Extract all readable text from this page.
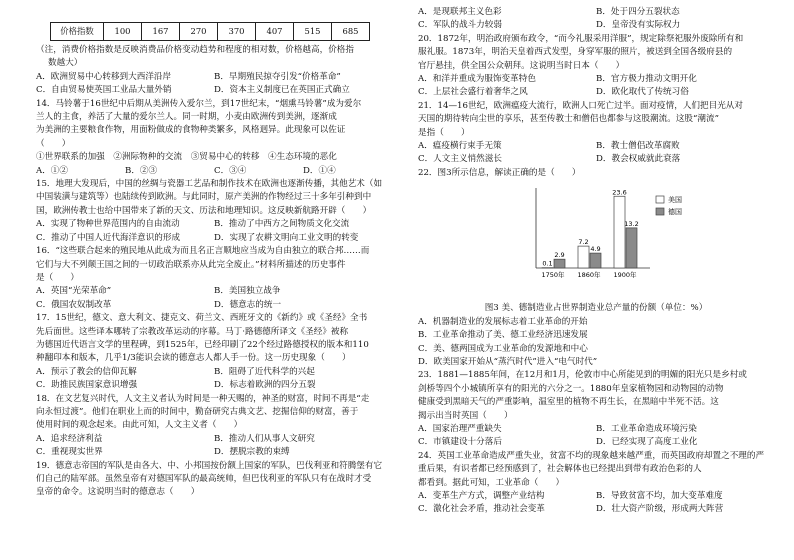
价格指数	100	167	270	370	407	515	685

（注，消费价格指数是反映消费品价格变动趋势和程度的相对数，价格越高，价格指

数越大）

A．欧洲贸易中心转移到大西洋沿岸	B．早期殖民掠夺引发“价格革命”
C．自由贸易使英国工业品大量外销	D．资本主义制度已在英国正式确立

14．马铃薯于16世纪中后期从美洲传入爱尔兰，到17世纪末，“烟熏马铃薯”成为爱尔

兰人的主食，养活了大量的爱尔兰人。同一时期，小麦由欧洲传到美洲，逐渐成

为美洲的主要粮食作物，用面粉做成的食物种类繁多，风格迥异。此现象可以佐证

（　　）

①世界联系的加强　②洲际物种的交流　③贸易中心的转移　④生态环境的恶化

A．①②	B．②③	C．③④	D．①④

15．地理大发现后，中国的丝绸与瓷器工艺品和制作技术在欧洲也逐渐传播，其他艺术（如

中国装潢与建筑等）也陆续传到欧洲。与此同时，原产美洲的作物经过三十多年引种到中

国，欧洲传教士也给中国带来了新的天文、历法和地理知识。这反映新航路开辟（　　）

A．实现了物种世界范围内的自由流动	B．推动了中西方之间物质文化交流
C．推动了中国人近代海洋意识的形成	D．实现了农耕文明向工业文明的转变

16．“这些联合起来的殖民地从此成为而且名正言顺地应当成为自由独立的联合邦……而

它们与大不列颠王国之间的一切政治联系亦从此完全废止。”材料所描述的历史事件

是（　　）

A．英国“光荣革命”	B．美国独立战争
C．俄国农奴制改革	D．德意志的统一

17．15世纪，德文、意大利文、捷克文、荷兰文、西班牙文的《新约》或《圣经》全书

先后面世。这些译本哪转了宗教改革运动的序幕。马丁·路德德所译文《圣经》被称

为德国近代语言文学的里程碑，到1525年，已经印刷了22个经过路德授权的版本和110

种翻印本和版本，几乎1/3能识会读的德意志人都人手一份。这一历史现象（　　）

A．预示了教会的信仰瓦解	B．阻碍了近代科学的兴起
C．助推民族国家意识增强	D．标志着欧洲的四分五裂

18．在文艺复兴时代，人文主义者认为时间是一种天赐的，神圣的财富，时间不再是“走

向永恒过渡”。他们在职业上而的时间中，勤奋研究古典文艺、挖掘信仰的财富，善于

使用时间的观念起来。由此可知，人文主义者（　　）

A．追求经济利益	B．推动人们从事人文研究
C．重视现实世界	D．摆脱宗教的束缚

19．德意志帝国的军队是由各大、中、小邦国按份额上国家的军队，巴伐利亚和符腾堡有它

们自己的陆军部。虽然皇帝有对德国军队的最高统帅，但巴伐利亚的军队只有在战时才受

皇帝的命令。这说明当时的德意志（　　）

A．是现联邦主义色彩	B．处于四分五裂状态
C．军队的战斗力较弱	D．皇帝没有实际权力

20．1872年，明治政府颁布政令，“而今礼服采用洋服”，规定除祭祀服外废除所有和

服礼服。1873年，明治天皇着西式发型，身穿军服的照片，被送到全国各级府县的

官厅悬挂，供全国公众朝拜。这说明当时日本（　　）

A．和洋并重成为服饰变革特色	B．官方极力推动文明开化
C．上层社会盛行着奢华之风	D．欧化取代了传统习俗

21．14—16世纪，欧洲瘟疫大流行，欧洲人口死亡过半。面对疫情，人们把目光从对

天国的期待转向尘世的享乐，甚至传教士和僧侣也都参与这股潮流。这股“潮流”

是指（　　）

A．瘟疫横行束手无策	B．教士僧侣改革腐败
C．人文主义悄然滋长	D．教会权威就此衰落

22．图3所示信息，解读正确的是（　　）

0.1
2.9
1750年
7.2
4.9
1860年
23.6
13.2
1900年
美国
德国

图3 美、德制造业占世界制造业总产量的份额（单位：%）

A．机器制造业的发展标志着工业革命的开始

B．工业革命推动了美、德工业经济迅速发展

C．美、德两国成为工业革命的发源地和中心

D．欧美国家开始从“蒸汽时代”进入“电气时代”

23．1881—1885年间，在12月和1月，伦敦市中心所能见到的明媚的阳光只是乡村或

剑桥等四个小城镇所享有的阳光的六分之一。1880年皇家植物园和动物园的动物

健康受到黑暗天气的严重影响，温室里的植物不再生长，在黑暗中半死不活。这

揭示出当时英国（　　）

A．国家治理严重缺失	B．工业革命造成环境污染
C．市镇建设十分落后	D．已经实现了高度工业化

24．英国工业革命造成严重失业，贫富不均的现象越来越严重，而英国政府却置之不理的严

重后果，有识者都已经预感到了，社会解体也已经提出到带有政治色彩的人

都看到。据此可知，工业革命（　　）

A．变革生产方式，调整产业结构	B．导致贫富不均，加大变革难度
C．激化社会矛盾，推动社会变革	D．壮大资产阶级，形成两大阵营
